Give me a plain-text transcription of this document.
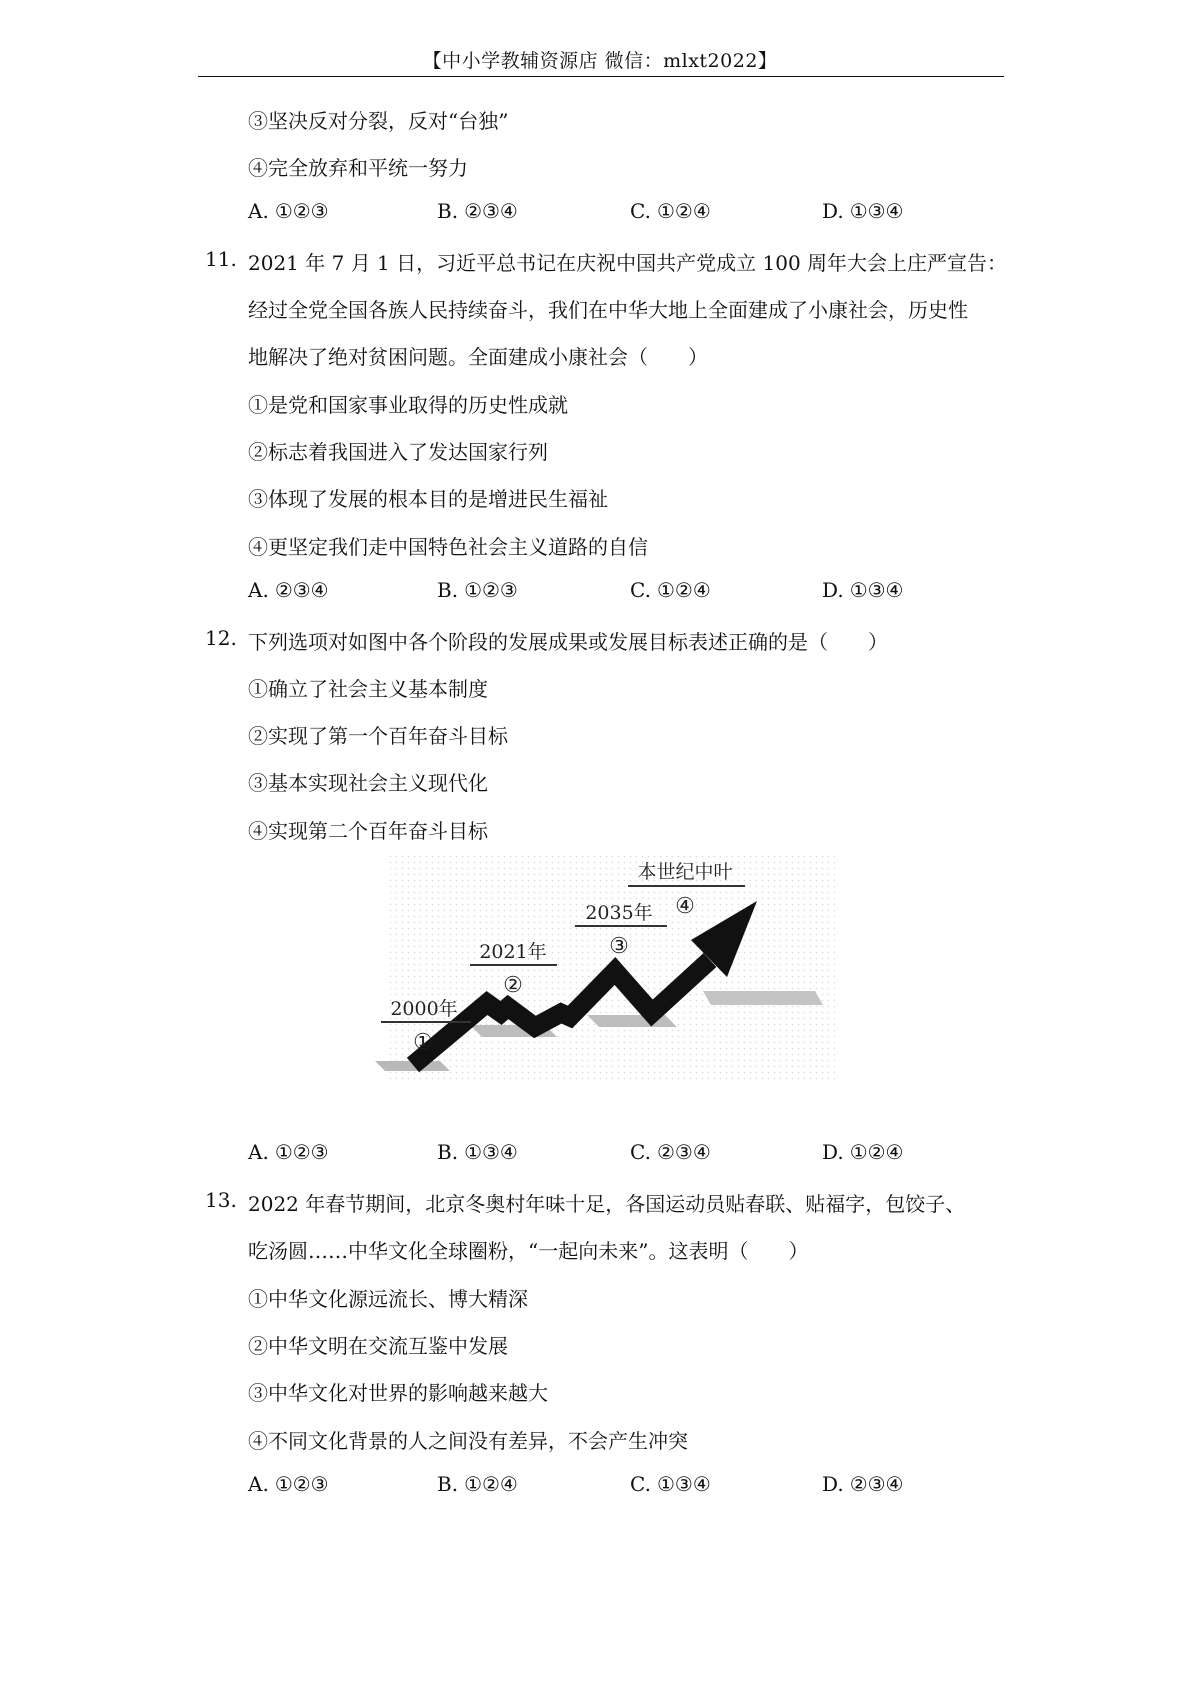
【中小学教辅资源店 微信：mlxt2022】
③坚决反对分裂，反对“台独”
④完全放弃和平统一努力
A. ①②③	B. ②③④	C. ①②④	D. ①③④
11. 2021 年 7 月 1 日，习近平总书记在庆祝中国共产党成立 100 周年大会上庄严宣告：
经过全党全国各族人民持续奋斗，我们在中华大地上全面建成了小康社会，历史性
地解决了绝对贫困问题。全面建成小康社会（　　）
①是党和国家事业取得的历史性成就
②标志着我国进入了发达国家行列
③体现了发展的根本目的是增进民生福祉
④更坚定我们走中国特色社会主义道路的自信
A. ②③④	B. ①②③	C. ①②④	D. ①③④
12. 下列选项对如图中各个阶段的发展成果或发展目标表述正确的是（　　）
①确立了社会主义基本制度
②实现了第一个百年奋斗目标
③基本实现社会主义现代化
④实现第二个百年奋斗目标
2000年
①
2021年
②
2035年
③
本世纪中叶
④
A. ①②③	B. ①③④	C. ②③④	D. ①②④
13. 2022 年春节期间，北京冬奥村年味十足，各国运动员贴春联、贴福字，包饺子、
吃汤圆……中华文化全球圈粉，“一起向未来”。这表明（　　）
①中华文化源远流长、博大精深
②中华文明在交流互鉴中发展
③中华文化对世界的影响越来越大
④不同文化背景的人之间没有差异，不会产生冲突
A. ①②③	B. ①②④	C. ①③④	D. ②③④
